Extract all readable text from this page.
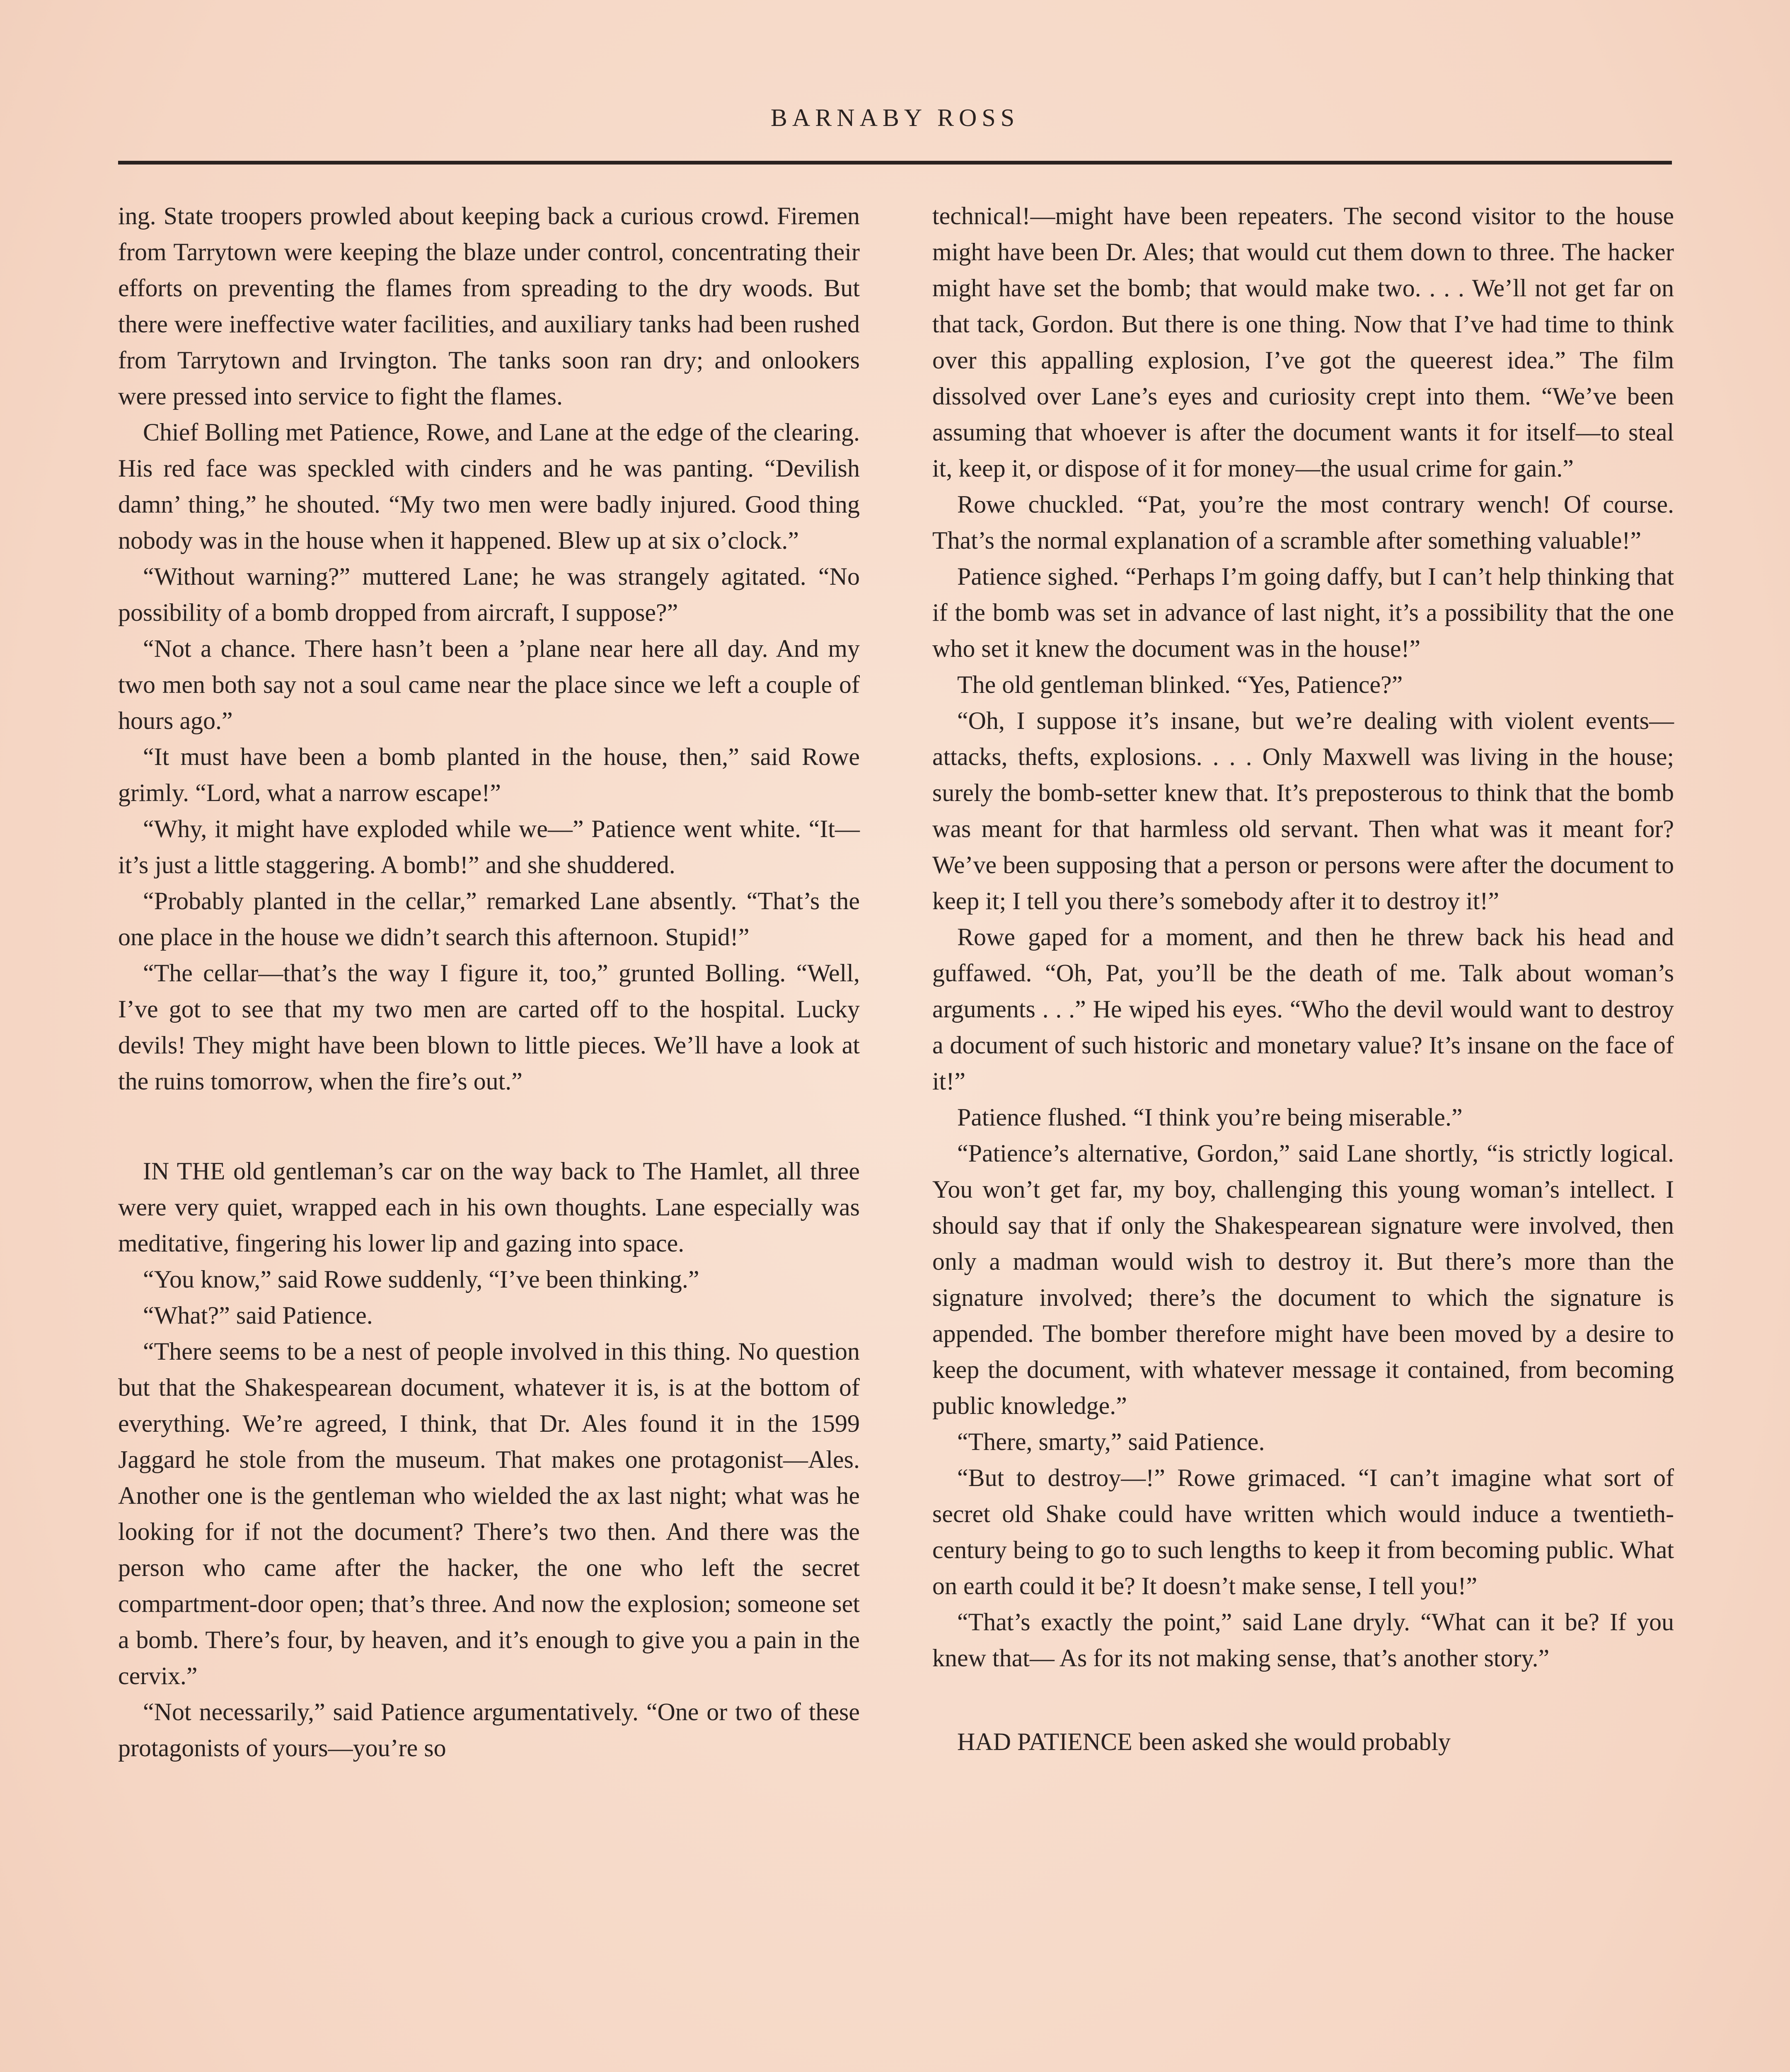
BARNABY ROSS

ing. State troopers prowled about keeping back a curious crowd. Firemen from Tarrytown were keeping the blaze under control, concentrating their efforts on preventing the flames from spreading to the dry woods. But there were ineffective water facilities, and auxiliary tanks had been rushed from Tarrytown and Irvington. The tanks soon ran dry; and onlookers were pressed into service to fight the flames.

Chief Bolling met Patience, Rowe, and Lane at the edge of the clearing. His red face was speckled with cinders and he was panting. “Devilish damn’ thing,” he shouted. “My two men were badly injured. Good thing nobody was in the house when it happened. Blew up at six o’clock.”

“Without warning?” muttered Lane; he was strangely agitated. “No possibility of a bomb dropped from aircraft, I suppose?”

“Not a chance. There hasn’t been a ’plane near here all day. And my two men both say not a soul came near the place since we left a couple of hours ago.”

“It must have been a bomb planted in the house, then,” said Rowe grimly. “Lord, what a narrow escape!”

“Why, it might have exploded while we—” Patience went white. “It—it’s just a little staggering. A bomb!” and she shuddered.

“Probably planted in the cellar,” remarked Lane absently. “That’s the one place in the house we didn’t search this afternoon. Stupid!”

“The cellar—that’s the way I figure it, too,” grunted Bolling. “Well, I’ve got to see that my two men are carted off to the hospital. Lucky devils! They might have been blown to little pieces. We’ll have a look at the ruins tomorrow, when the fire’s out.”

IN THE old gentleman’s car on the way back to The Hamlet, all three were very quiet, wrapped each in his own thoughts. Lane especially was meditative, fingering his lower lip and gazing into space.

“You know,” said Rowe suddenly, “I’ve been thinking.”

“What?” said Patience.

“There seems to be a nest of people involved in this thing. No question but that the Shakespearean document, whatever it is, is at the bottom of everything. We’re agreed, I think, that Dr. Ales found it in the 1599 Jaggard he stole from the museum. That makes one protagonist—Ales. Another one is the gentleman who wielded the ax last night; what was he looking for if not the document? There’s two then. And there was the person who came after the hacker, the one who left the secret compartment-door open; that’s three. And now the explosion; someone set a bomb. There’s four, by heaven, and it’s enough to give you a pain in the cervix.”

“Not necessarily,” said Patience argumentatively. “One or two of these protagonists of yours—you’re so

technical!—might have been repeaters. The second visitor to the house might have been Dr. Ales; that would cut them down to three. The hacker might have set the bomb; that would make two. . . . We’ll not get far on that tack, Gordon. But there is one thing. Now that I’ve had time to think over this appalling explosion, I’ve got the queerest idea.” The film dissolved over Lane’s eyes and curiosity crept into them. “We’ve been assuming that whoever is after the document wants it for itself—to steal it, keep it, or dispose of it for money—the usual crime for gain.”

Rowe chuckled. “Pat, you’re the most contrary wench! Of course. That’s the normal explanation of a scramble after something valuable!”

Patience sighed. “Perhaps I’m going daffy, but I can’t help thinking that if the bomb was set in advance of last night, it’s a possibility that the one who set it knew the document was in the house!”

The old gentleman blinked. “Yes, Patience?”

“Oh, I suppose it’s insane, but we’re dealing with violent events—attacks, thefts, explosions. . . . Only Maxwell was living in the house; surely the bomb-setter knew that. It’s preposterous to think that the bomb was meant for that harmless old servant. Then what was it meant for? We’ve been supposing that a person or persons were after the document to keep it; I tell you there’s somebody after it to destroy it!”

Rowe gaped for a moment, and then he threw back his head and guffawed. “Oh, Pat, you’ll be the death of me. Talk about woman’s arguments . . .” He wiped his eyes. “Who the devil would want to destroy a document of such historic and monetary value? It’s insane on the face of it!”

Patience flushed. “I think you’re being miserable.”

“Patience’s alternative, Gordon,” said Lane shortly, “is strictly logical. You won’t get far, my boy, challenging this young woman’s intellect. I should say that if only the Shakespearean signature were involved, then only a madman would wish to destroy it. But there’s more than the signature involved; there’s the document to which the signature is appended. The bomber therefore might have been moved by a desire to keep the document, with whatever message it contained, from becoming public knowledge.”

“There, smarty,” said Patience.

“But to destroy—!” Rowe grimaced. “I can’t imagine what sort of secret old Shake could have written which would induce a twentieth-century being to go to such lengths to keep it from becoming public. What on earth could it be? It doesn’t make sense, I tell you!”

“That’s exactly the point,” said Lane dryly. “What can it be? If you knew that— As for its not making sense, that’s another story.”

HAD PATIENCE been asked she would probably
